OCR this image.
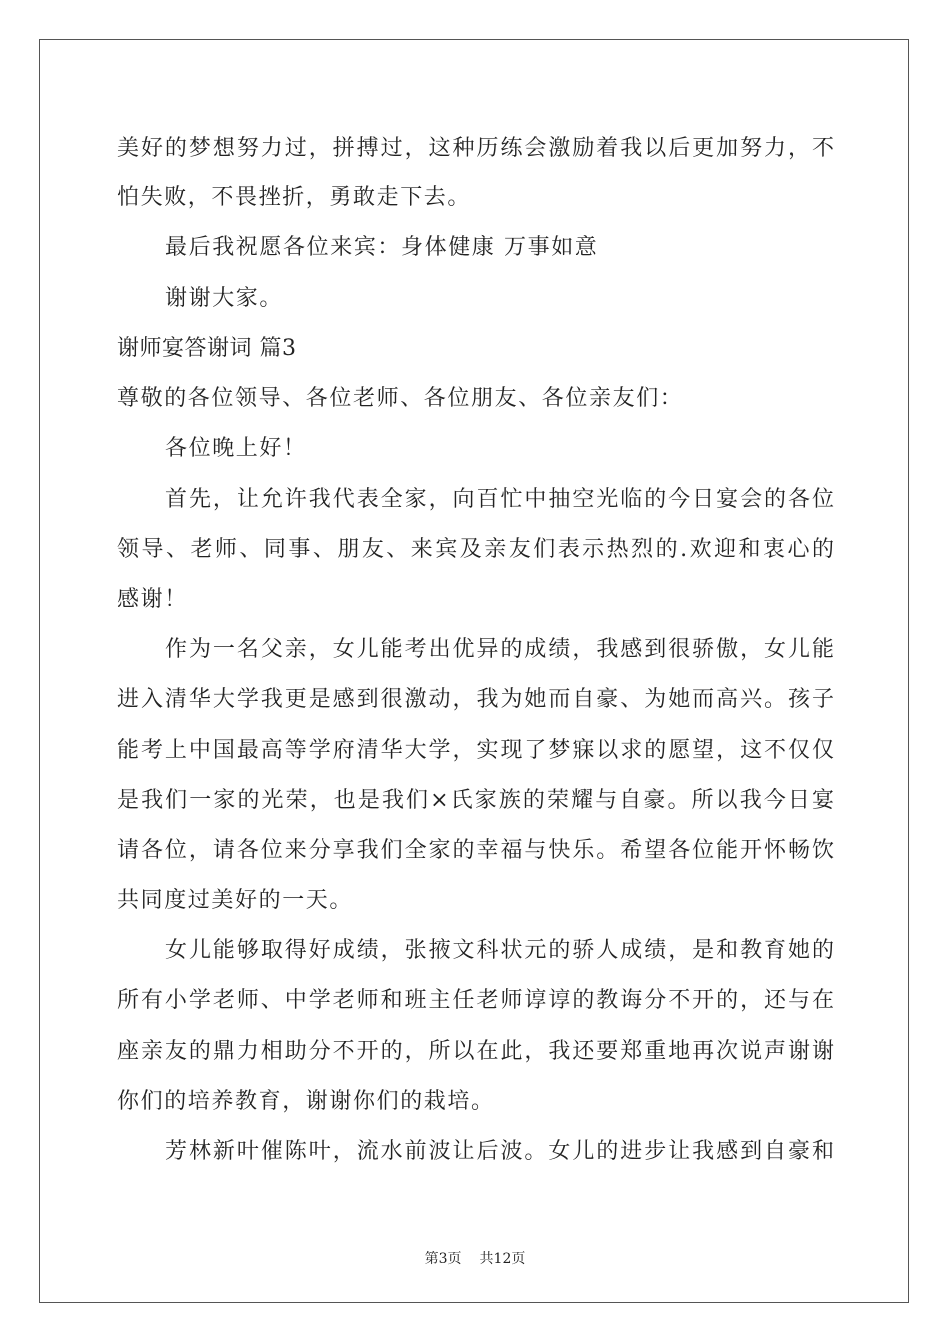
美好的梦想努力过，拼搏过，这种历练会激励着我以后更加努力，不

怕失败，不畏挫折，勇敢走下去。

最后我祝愿各位来宾：身体健康 万事如意

谢谢大家。

谢师宴答谢词 篇3

尊敬的各位领导、各位老师、各位朋友、各位亲友们：

各位晚上好！

首先，让允许我代表全家，向百忙中抽空光临的今日宴会的各位

领导、老师、同事、朋友、来宾及亲友们表示热烈的.欢迎和衷心的

感谢！

作为一名父亲，女儿能考出优异的成绩，我感到很骄傲，女儿能

进入清华大学我更是感到很激动，我为她而自豪、为她而高兴。孩子

能考上中国最高等学府清华大学，实现了梦寐以求的愿望，这不仅仅

是我们一家的光荣，也是我们×氏家族的荣耀与自豪。所以我今日宴

请各位，请各位来分享我们全家的幸福与快乐。希望各位能开怀畅饮

共同度过美好的一天。

女儿能够取得好成绩，张掖文科状元的骄人成绩，是和教育她的

所有小学老师、中学老师和班主任老师谆谆的教诲分不开的，还与在

座亲友的鼎力相助分不开的，所以在此，我还要郑重地再次说声谢谢

你们的培养教育，谢谢你们的栽培。

芳林新叶催陈叶，流水前波让后波。女儿的进步让我感到自豪和

第3页 共12页
